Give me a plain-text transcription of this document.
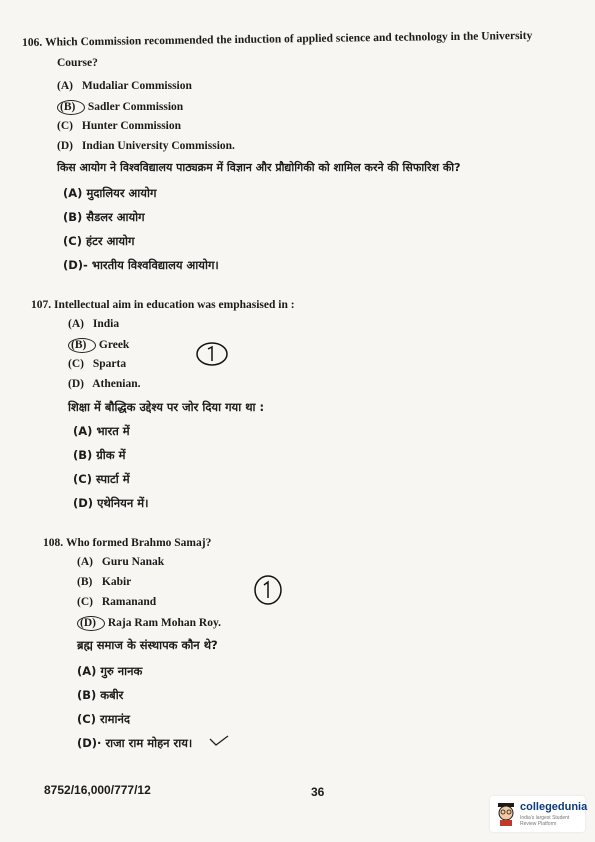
106. Which Commission recommended the induction of applied science and technology in the University
Course?
(A) Mudaliar Commission
(B) Sadler Commission
(C) Hunter Commission
(D) Indian University Commission.
किस आयोग ने विश्वविद्यालय पाठ्यक्रम में विज्ञान और प्रौद्योगिकी को शामिल करने की सिफारिश की?
(A) मुदालियर आयोग
(B) सैडलर आयोग
(C) हंटर आयोग
(D)- भारतीय विश्वविद्यालय आयोग।
107. Intellectual aim in education was emphasised in :
(A) India
(B) Greek
(C) Sparta
(D) Athenian.
शिक्षा में बौद्धिक उद्देश्य पर जोर दिया गया था :
(A) भारत में
(B) ग्रीक में
(C) स्पार्टा में
(D) एथेनियन में।
108. Who formed Brahmo Samaj?
(A) Guru Nanak
(B) Kabir
(C) Ramanand
(D) Raja Ram Mohan Roy.
ब्रह्म समाज के संस्थापक कौन थे?
(A) गुरु नानक
(B) कबीर
(C) रामानंद
(D)· राजा राम मोहन राय।
8752/16,000/777/12	36
collegedunia
India's largest Student Review Platform
